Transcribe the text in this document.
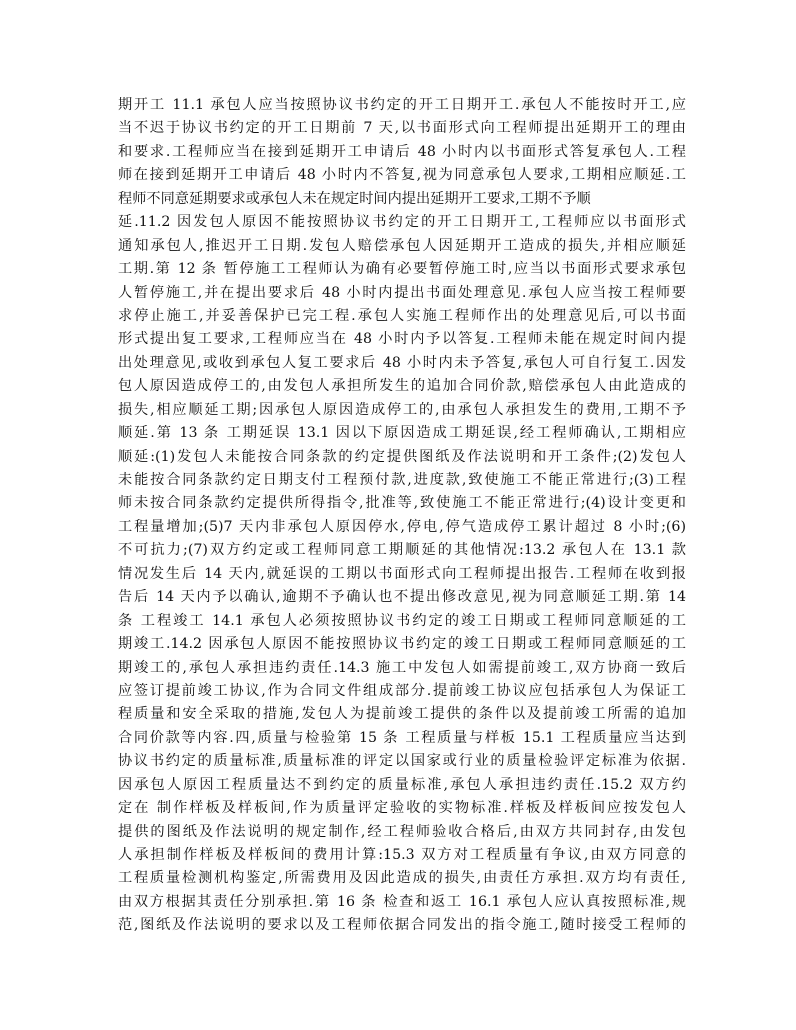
期开工 11.1 承包人应当按照协议书约定的开工日期开工.承包人不能按时开工,应
当不迟于协议书约定的开工日期前 7 天,以书面形式向工程师提出延期开工的理由
和要求.工程师应当在接到延期开工申请后 48 小时内以书面形式答复承包人.工程
师在接到延期开工申请后 48 小时内不答复,视为同意承包人要求,工期相应顺延.工
程师不同意延期要求或承包人未在规定时间内提出延期开工要求,工期不予顺
延.11.2 因发包人原因不能按照协议书约定的开工日期开工,工程师应以书面形式
通知承包人,推迟开工日期.发包人赔偿承包人因延期开工造成的损失,并相应顺延
工期.第 12 条 暂停施工工程师认为确有必要暂停施工时,应当以书面形式要求承包
人暂停施工,并在提出要求后 48 小时内提出书面处理意见.承包人应当按工程师要
求停止施工,并妥善保护已完工程.承包人实施工程师作出的处理意见后,可以书面
形式提出复工要求,工程师应当在 48 小时内予以答复.工程师未能在规定时间内提
出处理意见,或收到承包人复工要求后 48 小时内未予答复,承包人可自行复工.因发
包人原因造成停工的,由发包人承担所发生的追加合同价款,赔偿承包人由此造成的
损失,相应顺延工期;因承包人原因造成停工的,由承包人承担发生的费用,工期不予
顺延.第 13 条 工期延误 13.1 因以下原因造成工期延误,经工程师确认,工期相应
顺延:(1)发包人未能按合同条款的约定提供图纸及作法说明和开工条件;(2)发包人
未能按合同条款约定日期支付工程预付款,进度款,致使施工不能正常进行;(3)工程
师未按合同条款约定提供所得指令,批准等,致使施工不能正常进行;(4)设计变更和
工程量增加;(5)7 天内非承包人原因停水,停电,停气造成停工累计超过 8 小时;(6)
不可抗力;(7)双方约定或工程师同意工期顺延的其他情况:13.2 承包人在 13.1 款
情况发生后 14 天内,就延误的工期以书面形式向工程师提出报告.工程师在收到报
告后 14 天内予以确认,逾期不予确认也不提出修改意见,视为同意顺延工期.第 14
条 工程竣工 14.1 承包人必须按照协议书约定的竣工日期或工程师同意顺延的工
期竣工.14.2 因承包人原因不能按照协议书约定的竣工日期或工程师同意顺延的工
期竣工的,承包人承担违约责任.14.3 施工中发包人如需提前竣工,双方协商一致后
应签订提前竣工协议,作为合同文件组成部分.提前竣工协议应包括承包人为保证工
程质量和安全采取的措施,发包人为提前竣工提供的条件以及提前竣工所需的追加
合同价款等内容.四,质量与检验第 15 条 工程质量与样板 15.1 工程质量应当达到
协议书约定的质量标准,质量标准的评定以国家或行业的质量检验评定标准为依据.
因承包人原因工程质量达不到约定的质量标准,承包人承担违约责任.15.2 双方约
定在 制作样板及样板间,作为质量评定验收的实物标准.样板及样板间应按发包人
提供的图纸及作法说明的规定制作,经工程师验收合格后,由双方共同封存,由发包
人承担制作样板及样板间的费用计算:15.3 双方对工程质量有争议,由双方同意的
工程质量检测机构鉴定,所需费用及因此造成的损失,由责任方承担.双方均有责任,
由双方根据其责任分别承担.第 16 条 检查和返工 16.1 承包人应认真按照标准,规
范,图纸及作法说明的要求以及工程师依据合同发出的指令施工,随时接受工程师的
